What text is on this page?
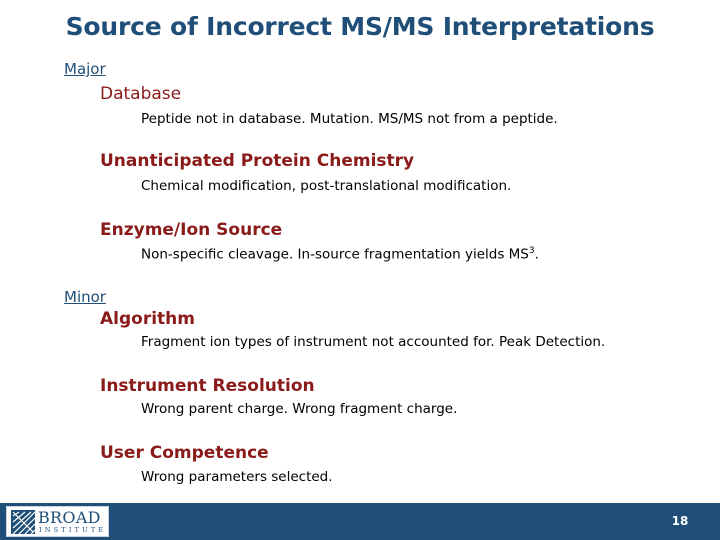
Source of Incorrect MS/MS Interpretations
Major
Database
Peptide not in database. Mutation. MS/MS not from a peptide.
Unanticipated Protein Chemistry
Chemical modification, post-translational modification.
Enzyme/Ion Source
Non-specific cleavage. In-source fragmentation yields $MS^3$.
Minor
Algorithm
Fragment ion types of instrument not accounted for. Peak Detection.
Instrument Resolution
Wrong parent charge. Wrong fragment charge.
User Competence
Wrong parameters selected.
BROAD
INSTITUTE
18
